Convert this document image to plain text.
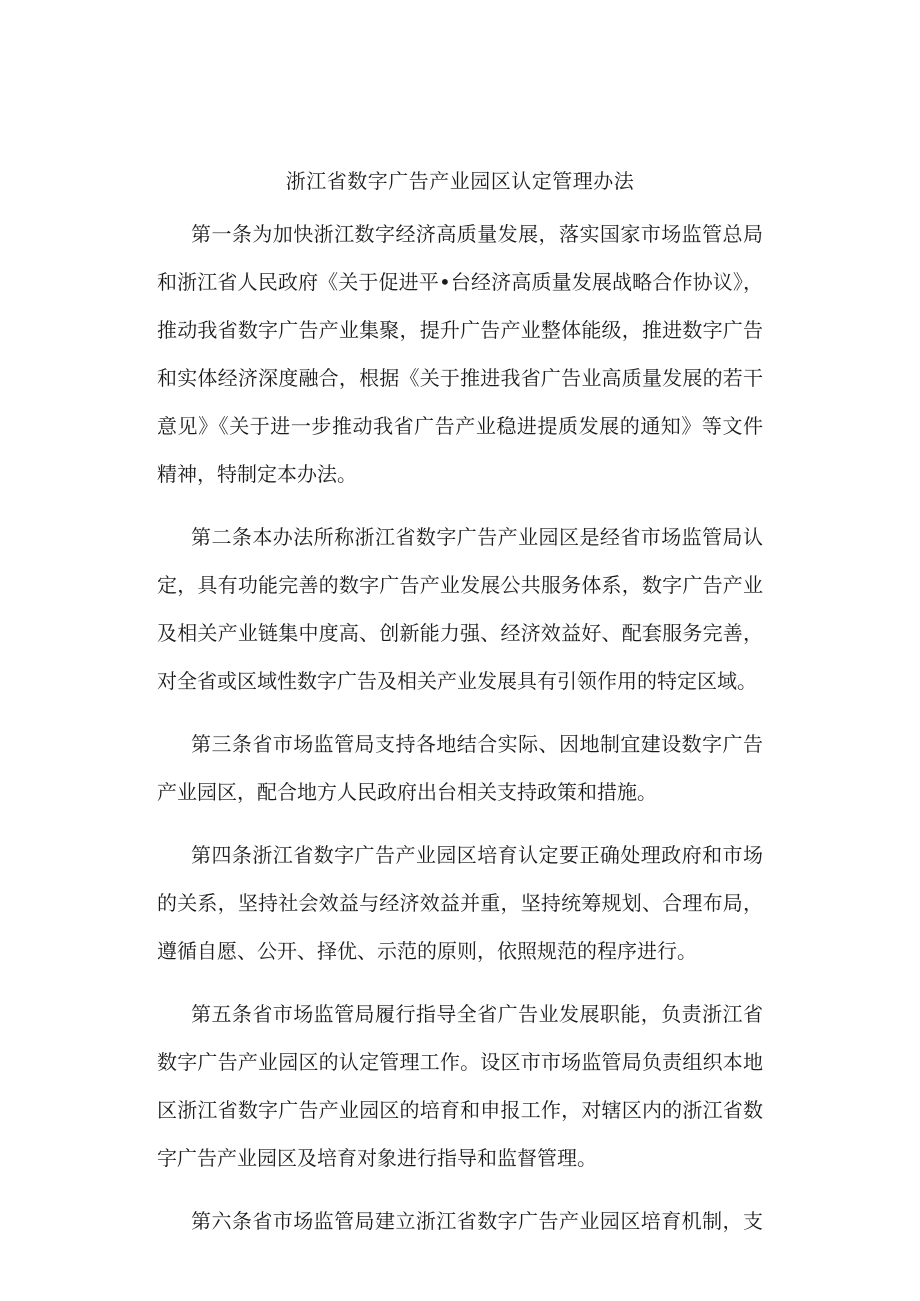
浙江省数字广告产业园区认定管理办法
第一条为加快浙江数字经济高质量发展，落实国家市场监管总局
和浙江省人民政府《关于促进平•台经济高质量发展战略合作协议》，
推动我省数字广告产业集聚，提升广告产业整体能级，推进数字广告
和实体经济深度融合，根据《关于推进我省广告业高质量发展的若干
意见》《关于进一步推动我省广告产业稳进提质发展的通知》等文件
精神，特制定本办法。
第二条本办法所称浙江省数字广告产业园区是经省市场监管局认
定，具有功能完善的数字广告产业发展公共服务体系，数字广告产业
及相关产业链集中度高、创新能力强、经济效益好、配套服务完善，
对全省或区域性数字广告及相关产业发展具有引领作用的特定区域。
第三条省市场监管局支持各地结合实际、因地制宜建设数字广告
产业园区，配合地方人民政府出台相关支持政策和措施。
第四条浙江省数字广告产业园区培育认定要正确处理政府和市场
的关系，坚持社会效益与经济效益并重，坚持统筹规划、合理布局，
遵循自愿、公开、择优、示范的原则，依照规范的程序进行。
第五条省市场监管局履行指导全省广告业发展职能，负责浙江省
数字广告产业园区的认定管理工作。设区市市场监管局负责组织本地
区浙江省数字广告产业园区的培育和申报工作，对辖区内的浙江省数
字广告产业园区及培育对象进行指导和监督管理。
第六条省市场监管局建立浙江省数字广告产业园区培育机制，支
